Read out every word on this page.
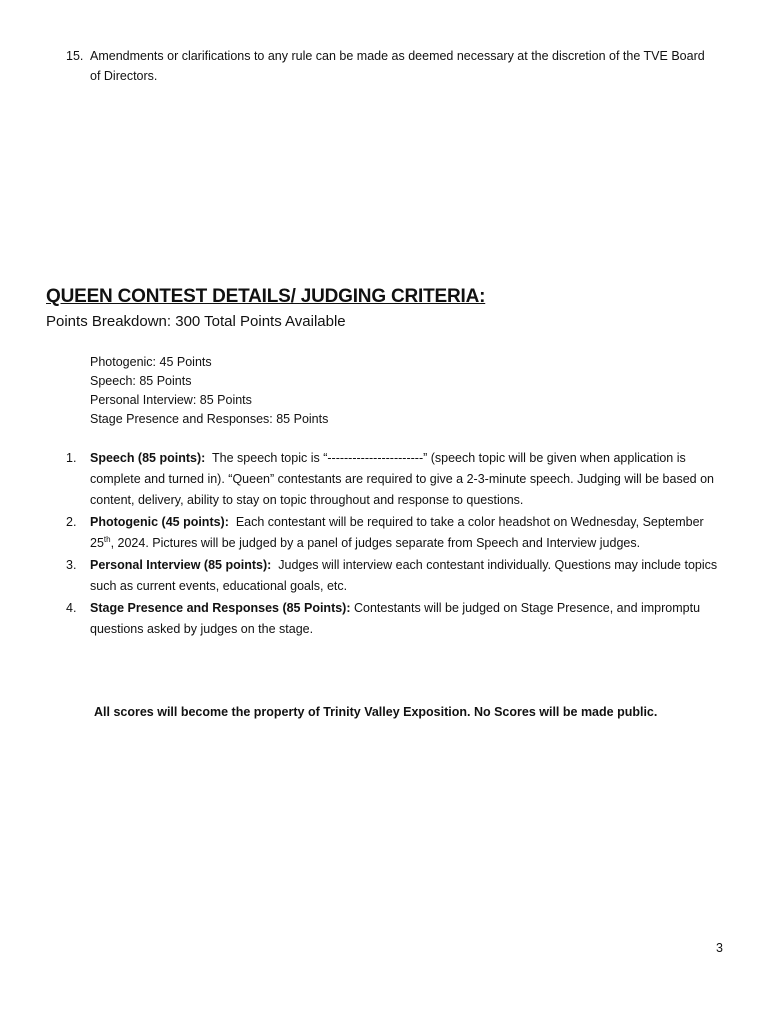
15. Amendments or clarifications to any rule can be made as deemed necessary at the discretion of the TVE Board of Directors.
QUEEN CONTEST DETAILS/ JUDGING CRITERIA:
Points Breakdown: 300 Total Points Available
Photogenic: 45 Points
Speech: 85 Points
Personal Interview: 85 Points
Stage Presence and Responses: 85 Points
1. Speech (85 points): The speech topic is “-----------------------” (speech topic will be given when application is complete and turned in). “Queen” contestants are required to give a 2-3-minute speech. Judging will be based on content, delivery, ability to stay on topic throughout and response to questions.
2. Photogenic (45 points): Each contestant will be required to take a color headshot on Wednesday, September 25th, 2024. Pictures will be judged by a panel of judges separate from Speech and Interview judges.
3. Personal Interview (85 points): Judges will interview each contestant individually. Questions may include topics such as current events, educational goals, etc.
4. Stage Presence and Responses (85 Points): Contestants will be judged on Stage Presence, and impromptu questions asked by judges on the stage.
All scores will become the property of Trinity Valley Exposition. No Scores will be made public.
3
